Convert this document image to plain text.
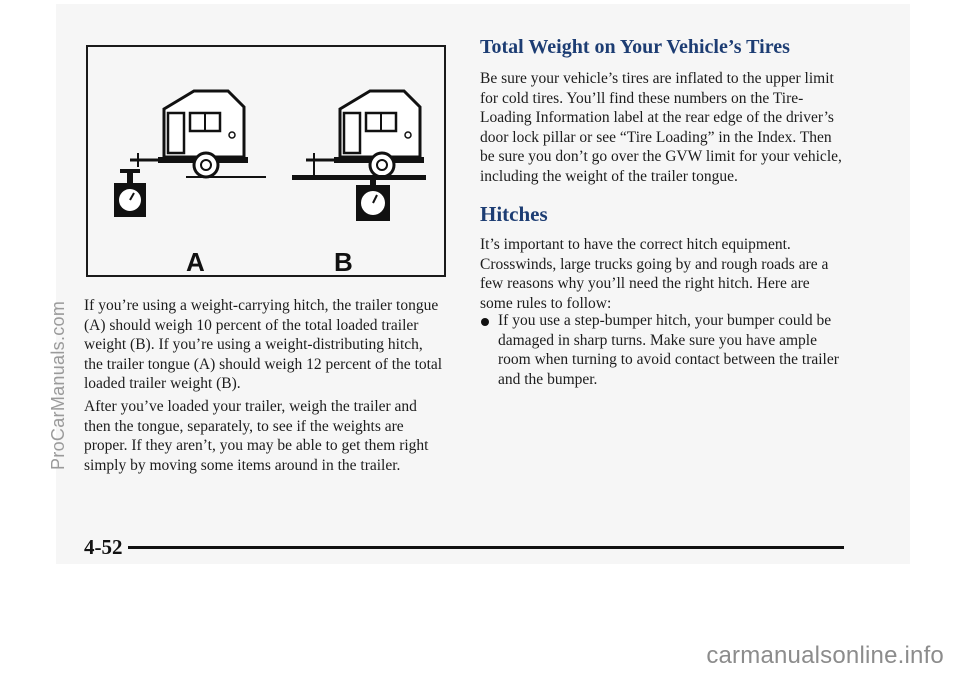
A	B

If you’re using a weight-carrying hitch, the trailer tongue (A) should weigh 10 percent of the total loaded trailer weight (B). If you’re using a weight-distributing hitch, the trailer tongue (A) should weigh 12 percent of the total loaded trailer weight (B).

After you’ve loaded your trailer, weigh the trailer and then the tongue, separately, to see if the weights are proper. If they aren’t, you may be able to get them right simply by moving some items around in the trailer.

Total Weight on Your Vehicle’s Tires

Be sure your vehicle’s tires are inflated to the upper limit for cold tires. You’ll find these numbers on the Tire-Loading Information label at the rear edge of the driver’s door lock pillar or see “Tire Loading” in the Index. Then be sure you don’t go over the GVW limit for your vehicle, including the weight of the trailer tongue.

Hitches

It’s important to have the correct hitch equipment. Crosswinds, large trucks going by and rough roads are a few reasons why you’ll need the right hitch. Here are some rules to follow:

If you use a step-bumper hitch, your bumper could be damaged in sharp turns. Make sure you have ample room when turning to avoid contact between the trailer and the bumper.

4-52
ProCarManuals.com
carmanualsonline.info
